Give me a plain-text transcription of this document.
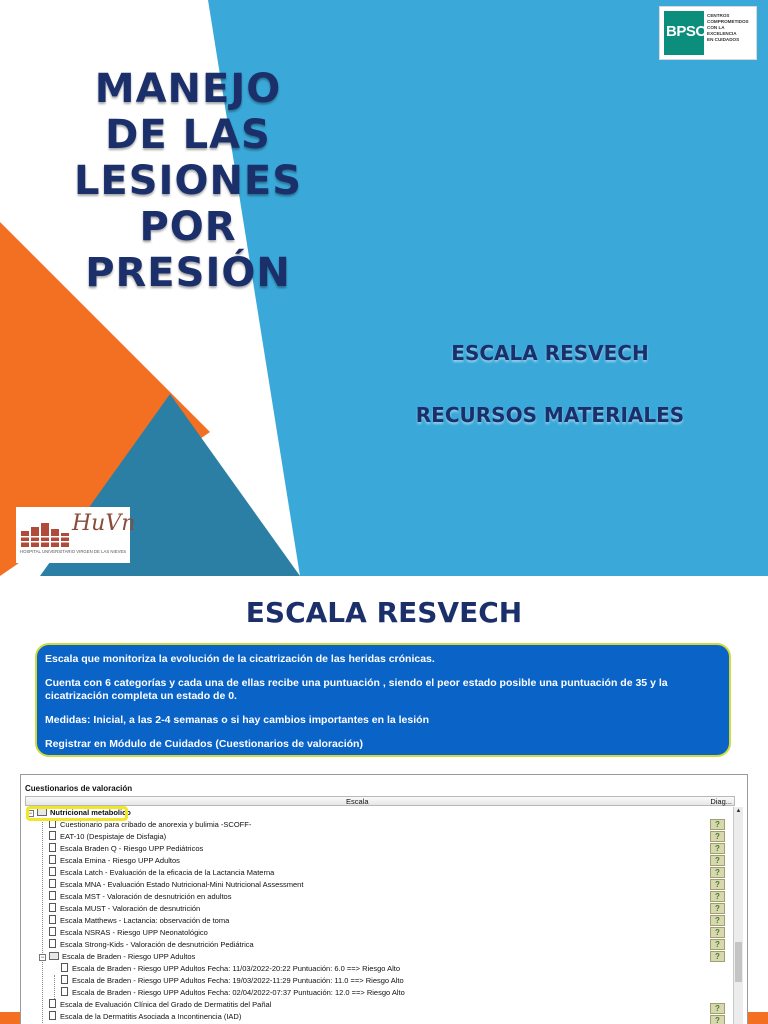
MANEJO
DE LAS
LESIONES POR
PRESIÓN

ESCALA RESVECH

RECURSOS MATERIALES

BPSO
CENTROS
COMPROMETIDOS
CON LA
EXCELENCIA
EN CUIDADOS
HuVn
HOSPITAL UNIVERSITARIO VIRGEN DE LAS NIEVES
ESCALA RESVECH

Escala que monitoriza la evolución de la cicatrización de las heridas crónicas.

Cuenta con 6 categorías y cada una de ellas recibe una puntuación , siendo el peor estado posible una puntuación de 35 y la cicatrización completa un estado de 0.

Medidas: Inicial, a las 2-4 semanas o si hay cambios importantes en la lesión

Registrar en Módulo de Cuidados (Cuestionarios de valoración)

Cuestionarios de valoración
Escala	Diag...
▲
− Nutricional metabolico
Cuestionario para cribado de anorexia y bulimia -SCOFF-
EAT-10 (Despistaje de Disfagia)
Escala Braden Q - Riesgo UPP Pediátricos
Escala Emina - Riesgo UPP Adultos
Escala Latch - Evaluación de la eficacia de la Lactancia Materna
Escala MNA - Evaluación Estado Nutricional-Mini Nutricional Assessment
Escala MST - Valoración de desnutrición en adultos
Escala MUST - Valoración de desnutrición
Escala Matthews - Lactancia: observación de toma
Escala NSRAS - Riesgo UPP Neonatológico
Escala Strong-Kids - Valoración de desnutrición Pediátrica
− Escala de Braden - Riesgo UPP Adultos
Escala de Braden - Riesgo UPP Adultos Fecha: 11/03/2022-20:22 Puntuación: 6.0 ==> Riesgo Alto
Escala de Braden - Riesgo UPP Adultos Fecha: 19/03/2022-11:29 Puntuación: 11.0 ==> Riesgo Alto
Escala de Braden - Riesgo UPP Adultos Fecha: 02/04/2022-07:37 Puntuación: 12.0 ==> Riesgo Alto
Escala de Evaluación Clínica del Grado de Dermatitis del Pañal
Escala de la Dermatitis Asociada a Incontinencia (IAD)
?
?
?
?
?
?
?
?
?
?
?
?
?
?
